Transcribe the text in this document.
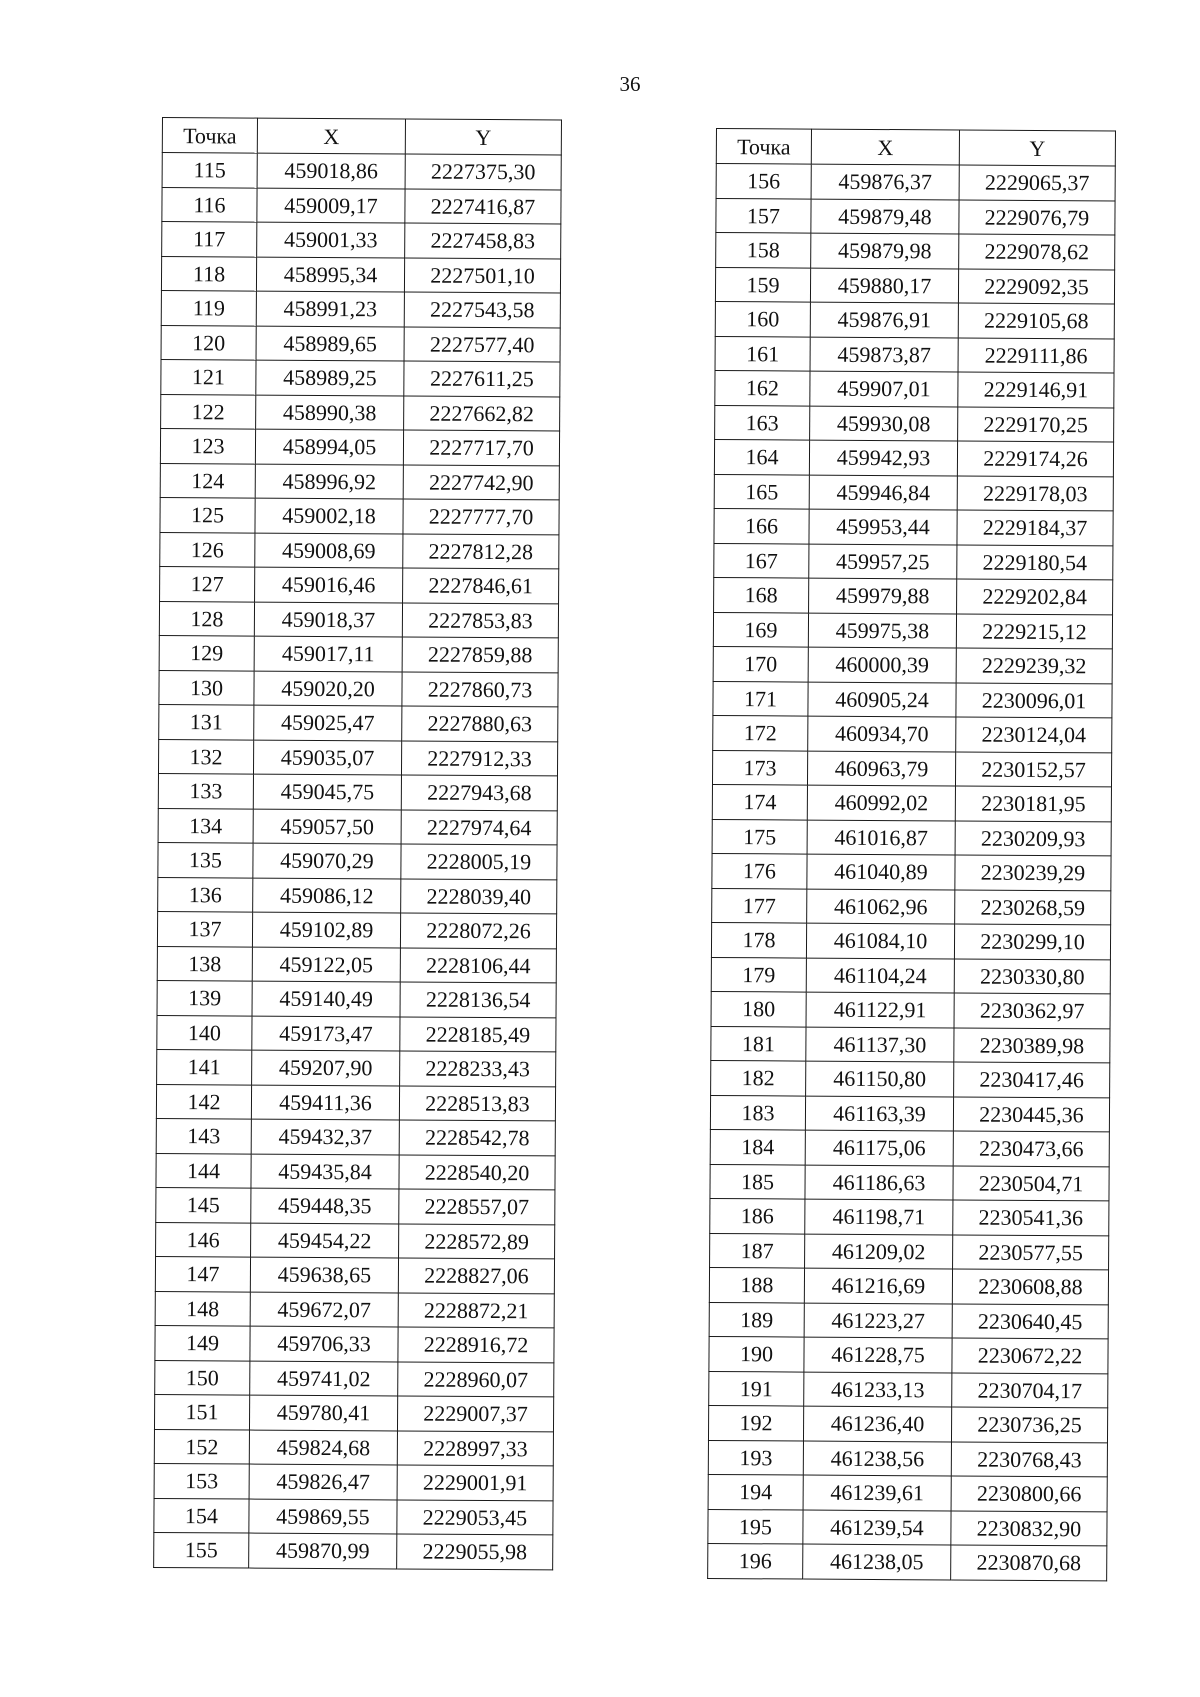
36
Точка	X	Y
115	459018,86	2227375,30
116	459009,17	2227416,87
117	459001,33	2227458,83
118	458995,34	2227501,10
119	458991,23	2227543,58
120	458989,65	2227577,40
121	458989,25	2227611,25
122	458990,38	2227662,82
123	458994,05	2227717,70
124	458996,92	2227742,90
125	459002,18	2227777,70
126	459008,69	2227812,28
127	459016,46	2227846,61
128	459018,37	2227853,83
129	459017,11	2227859,88
130	459020,20	2227860,73
131	459025,47	2227880,63
132	459035,07	2227912,33
133	459045,75	2227943,68
134	459057,50	2227974,64
135	459070,29	2228005,19
136	459086,12	2228039,40
137	459102,89	2228072,26
138	459122,05	2228106,44
139	459140,49	2228136,54
140	459173,47	2228185,49
141	459207,90	2228233,43
142	459411,36	2228513,83
143	459432,37	2228542,78
144	459435,84	2228540,20
145	459448,35	2228557,07
146	459454,22	2228572,89
147	459638,65	2228827,06
148	459672,07	2228872,21
149	459706,33	2228916,72
150	459741,02	2228960,07
151	459780,41	2229007,37
152	459824,68	2228997,33
153	459826,47	2229001,91
154	459869,55	2229053,45
155	459870,99	2229055,98
Точка	X	Y
156	459876,37	2229065,37
157	459879,48	2229076,79
158	459879,98	2229078,62
159	459880,17	2229092,35
160	459876,91	2229105,68
161	459873,87	2229111,86
162	459907,01	2229146,91
163	459930,08	2229170,25
164	459942,93	2229174,26
165	459946,84	2229178,03
166	459953,44	2229184,37
167	459957,25	2229180,54
168	459979,88	2229202,84
169	459975,38	2229215,12
170	460000,39	2229239,32
171	460905,24	2230096,01
172	460934,70	2230124,04
173	460963,79	2230152,57
174	460992,02	2230181,95
175	461016,87	2230209,93
176	461040,89	2230239,29
177	461062,96	2230268,59
178	461084,10	2230299,10
179	461104,24	2230330,80
180	461122,91	2230362,97
181	461137,30	2230389,98
182	461150,80	2230417,46
183	461163,39	2230445,36
184	461175,06	2230473,66
185	461186,63	2230504,71
186	461198,71	2230541,36
187	461209,02	2230577,55
188	461216,69	2230608,88
189	461223,27	2230640,45
190	461228,75	2230672,22
191	461233,13	2230704,17
192	461236,40	2230736,25
193	461238,56	2230768,43
194	461239,61	2230800,66
195	461239,54	2230832,90
196	461238,05	2230870,68
